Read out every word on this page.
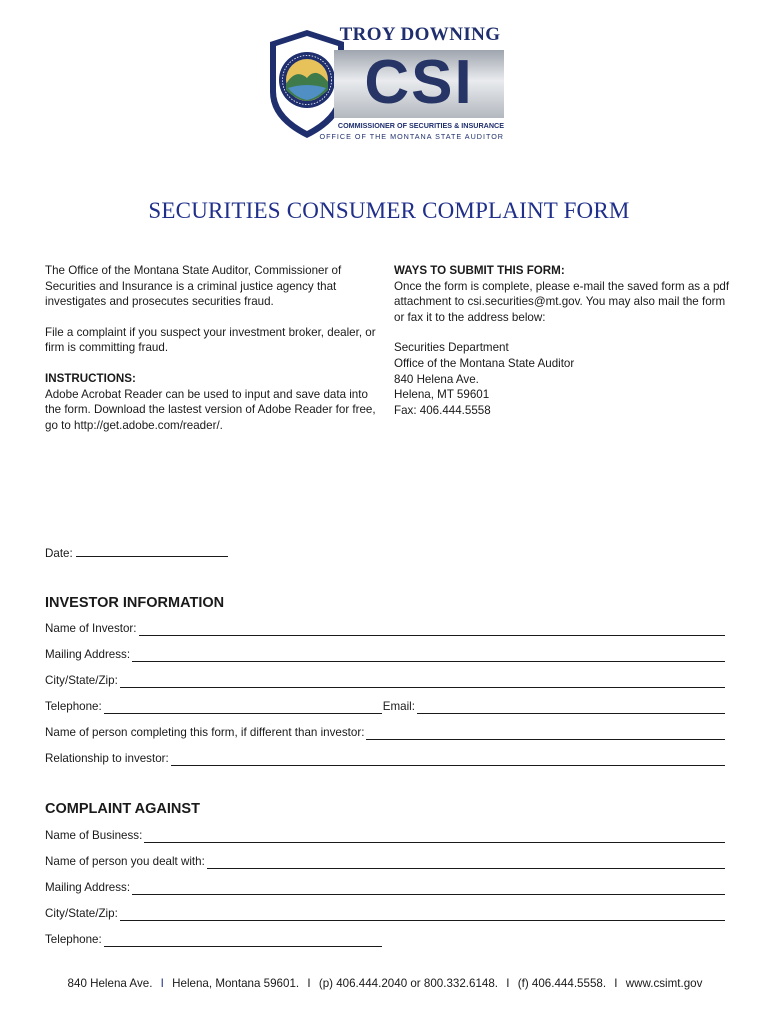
TROY DOWNING
CSI
COMMISSIONER OF SECURITIES & INSURANCE
OFFICE OF THE MONTANA STATE AUDITOR
SECURITIES CONSUMER COMPLAINT FORM

The Office of the Montana State Auditor, Commissioner of Securities and Insurance is a criminal justice agency that investigates and prosecutes securities fraud.

File a complaint if you suspect your investment broker, dealer, or firm is committing fraud.

INSTRUCTIONS:

Adobe Acrobat Reader can be used to input and save data into the form. Download the lastest version of Adobe Reader for free, go to http://get.adobe.com/reader/.

WAYS TO SUBMIT THIS FORM:

Once the form is complete, please e-mail the saved form as a pdf attachment to csi.securities@mt.gov. You may also mail the form or fax it to the address below:

Securities Department

Office of the Montana State Auditor

840 Helena Ave.

Helena, MT 59601

Fax: 406.444.5558

Date:
INVESTOR INFORMATION
Name of Investor:
Mailing Address:
City/State/Zip:
Telephone:	Email:
Name of person completing this form, if different than investor:
Relationship to investor:
COMPLAINT AGAINST
Name of Business:
Name of person you dealt with:
Mailing Address:
City/State/Zip:
Telephone:
840 Helena Ave. I Helena, Montana 59601. I (p) 406.444.2040 or 800.332.6148. I (f) 406.444.5558. I www.csimt.gov
